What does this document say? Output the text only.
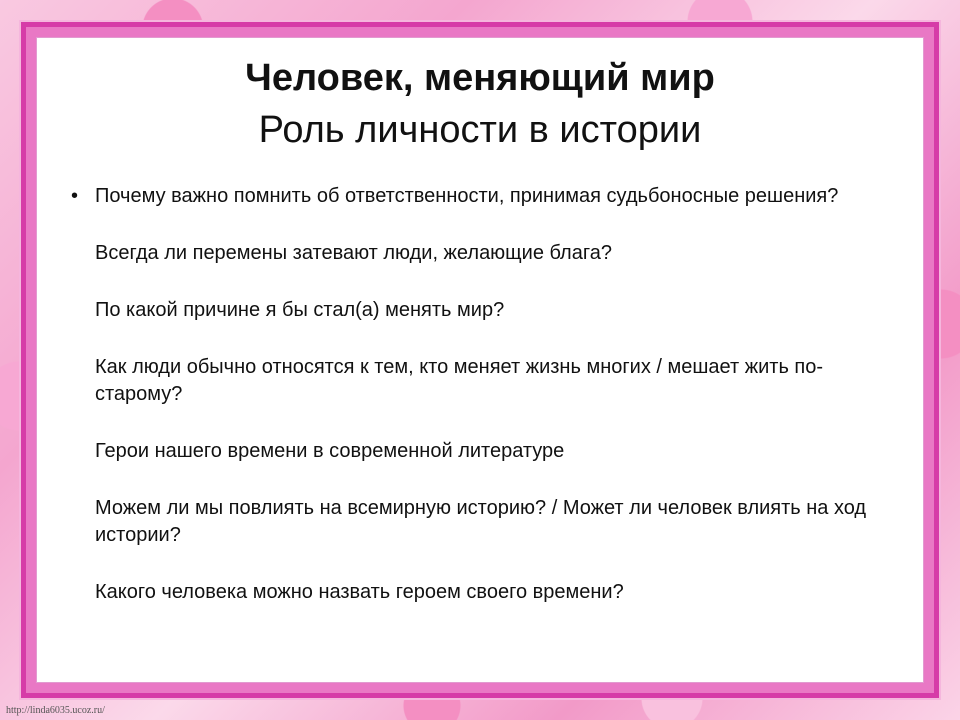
Человек, меняющий мир
Роль личности в истории
• Почему важно помнить об ответственности, принимая судьбоносные решения?
Всегда ли перемены затевают люди, желающие блага?
По какой причине я бы стал(а) менять мир?
Как люди обычно относятся к тем, кто меняет жизнь многих / мешает жить по-старому?
Герои нашего времени в современной литературе
Можем ли мы повлиять на всемирную историю? / Может ли человек влиять на ход истории?
Какого человека можно назвать героем своего времени?
http://linda6035.ucoz.ru/
